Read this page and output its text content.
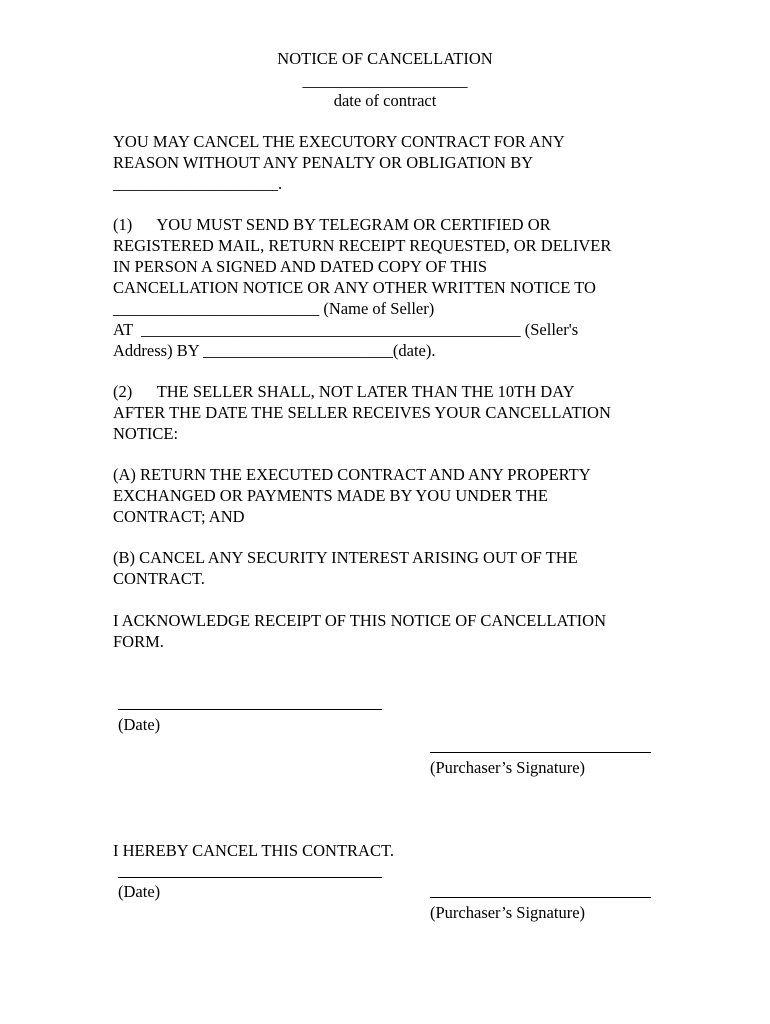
NOTICE OF CANCELLATION
____________________
date of contract
YOU MAY CANCEL THE EXECUTORY CONTRACT FOR ANY
REASON WITHOUT ANY PENALTY OR OBLIGATION BY
____________________.
(1)      YOU MUST SEND BY TELEGRAM OR CERTIFIED OR
REGISTERED MAIL, RETURN RECEIPT REQUESTED, OR DELIVER
IN PERSON A SIGNED AND DATED COPY OF THIS
CANCELLATION NOTICE OR ANY OTHER WRITTEN NOTICE TO
_________________________ (Name of Seller)
AT  ______________________________________________ (Seller's
Address) BY _______________________(date).
(2)      THE SELLER SHALL, NOT LATER THAN THE 10TH DAY
AFTER THE DATE THE SELLER RECEIVES YOUR CANCELLATION
NOTICE:
(A) RETURN THE EXECUTED CONTRACT AND ANY PROPERTY
EXCHANGED OR PAYMENTS MADE BY YOU UNDER THE
CONTRACT; AND
(B) CANCEL ANY SECURITY INTEREST ARISING OUT OF THE
CONTRACT.
I ACKNOWLEDGE RECEIPT OF THIS NOTICE OF CANCELLATION
FORM.
(Date)
(Purchaser’s Signature)
I HEREBY CANCEL THIS CONTRACT.
(Date)
(Purchaser’s Signature)
